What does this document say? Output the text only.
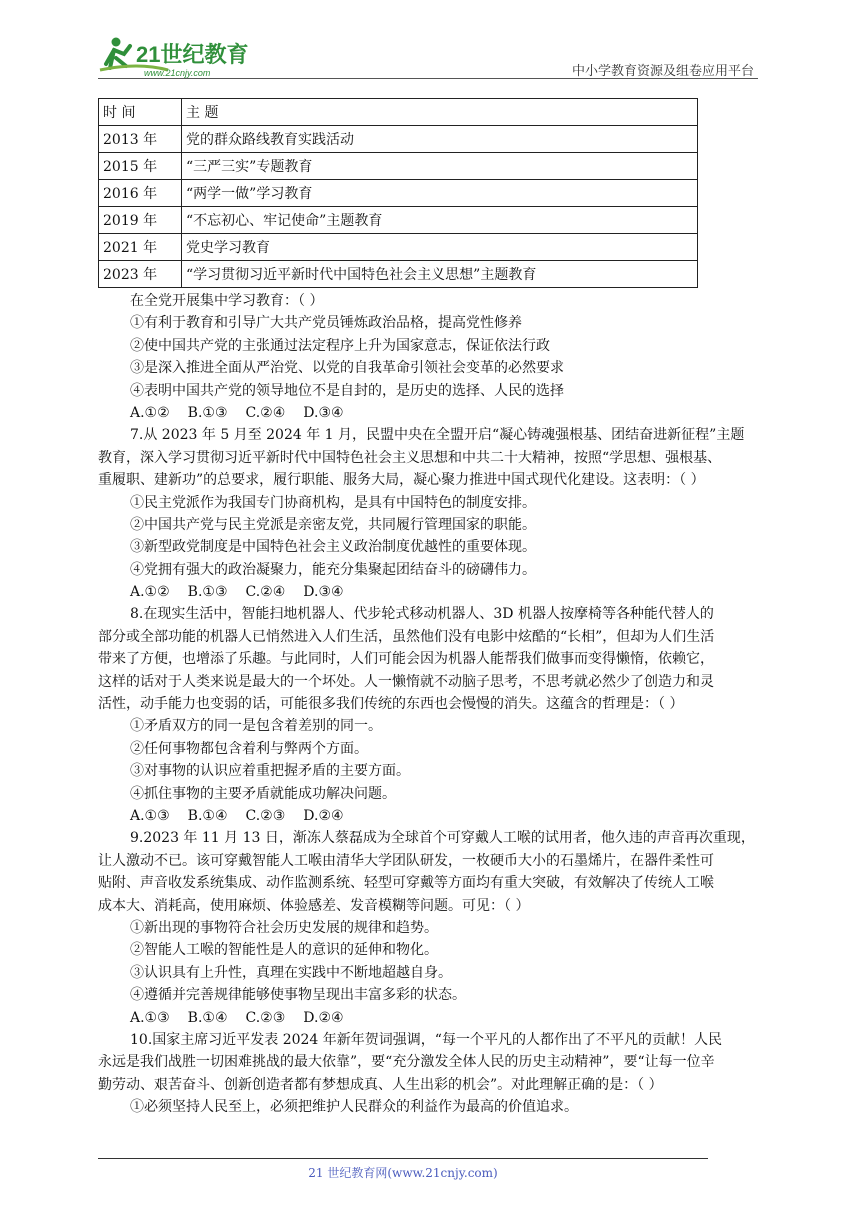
21世纪教育
www.21cnjy.com	中小学教育资源及组卷应用平台
时 间	主 题
2013 年	党的群众路线教育实践活动
2015 年	“三严三实”专题教育
2016 年	“两学一做”学习教育
2019 年	“不忘初心、牢记使命”主题教育
2021 年	党史学习教育
2023 年	“学习贯彻习近平新时代中国特色社会主义思想”主题教育
在全党开展集中学习教育：（ ）
①有利于教育和引导广大共产党员锤炼政治品格，提高党性修养
②使中国共产党的主张通过法定程序上升为国家意志，保证依法行政
③是深入推进全面从严治党、以党的自我革命引领社会变革的必然要求
④表明中国共产党的领导地位不是自封的，是历史的选择、人民的选择
A.①② B.①③ C.②④ D.③④
7.从 2023 年 5 月至 2024 年 1 月，民盟中央在全盟开启“凝心铸魂强根基、团结奋进新征程”主题
教育，深入学习贯彻习近平新时代中国特色社会主义思想和中共二十大精神，按照“学思想、强根基、
重履职、建新功”的总要求，履行职能、服务大局，凝心聚力推进中国式现代化建设。这表明：（ ）
①民主党派作为我国专门协商机构，是具有中国特色的制度安排。
②中国共产党与民主党派是亲密友党，共同履行管理国家的职能。
③新型政党制度是中国特色社会主义政治制度优越性的重要体现。
④党拥有强大的政治凝聚力，能充分集聚起团结奋斗的磅礴伟力。
A.①② B.①③ C.②④ D.③④
8.在现实生活中，智能扫地机器人、代步轮式移动机器人、3D 机器人按摩椅等各种能代替人的
部分或全部功能的机器人已悄然进入人们生活，虽然他们没有电影中炫酷的“长相”，但却为人们生活
带来了方便，也增添了乐趣。与此同时，人们可能会因为机器人能帮我们做事而变得懒惰，依赖它，
这样的话对于人类来说是最大的一个坏处。人一懒惰就不动脑子思考，不思考就必然少了创造力和灵
活性，动手能力也变弱的话，可能很多我们传统的东西也会慢慢的消失。这蕴含的哲理是：（ ）
①矛盾双方的同一是包含着差别的同一。
②任何事物都包含着利与弊两个方面。
③对事物的认识应着重把握矛盾的主要方面。
④抓住事物的主要矛盾就能成功解决问题。
A.①③ B.①④ C.②③ D.②④
9.2023 年 11 月 13 日，渐冻人蔡磊成为全球首个可穿戴人工喉的试用者，他久违的声音再次重现，
让人激动不已。该可穿戴智能人工喉由清华大学团队研发，一枚硬币大小的石墨烯片，在器件柔性可
贴附、声音收发系统集成、动作监测系统、轻型可穿戴等方面均有重大突破，有效解决了传统人工喉
成本大、消耗高，使用麻烦、体验感差、发音模糊等问题。可见：（ ）
①新出现的事物符合社会历史发展的规律和趋势。
②智能人工喉的智能性是人的意识的延伸和物化。
③认识具有上升性，真理在实践中不断地超越自身。
④遵循并完善规律能够使事物呈现出丰富多彩的状态。
A.①③ B.①④ C.②③ D.②④
10.国家主席习近平发表 2024 年新年贺词强调，“每一个平凡的人都作出了不平凡的贡献！人民
永远是我们战胜一切困难挑战的最大依靠”，要“充分激发全体人民的历史主动精神”，要“让每一位辛
勤劳动、艰苦奋斗、创新创造者都有梦想成真、人生出彩的机会”。对此理解正确的是：（ ）
①必须坚持人民至上，必须把维护人民群众的利益作为最高的价值追求。
21 世纪教育网(www.21cnjy.com)
